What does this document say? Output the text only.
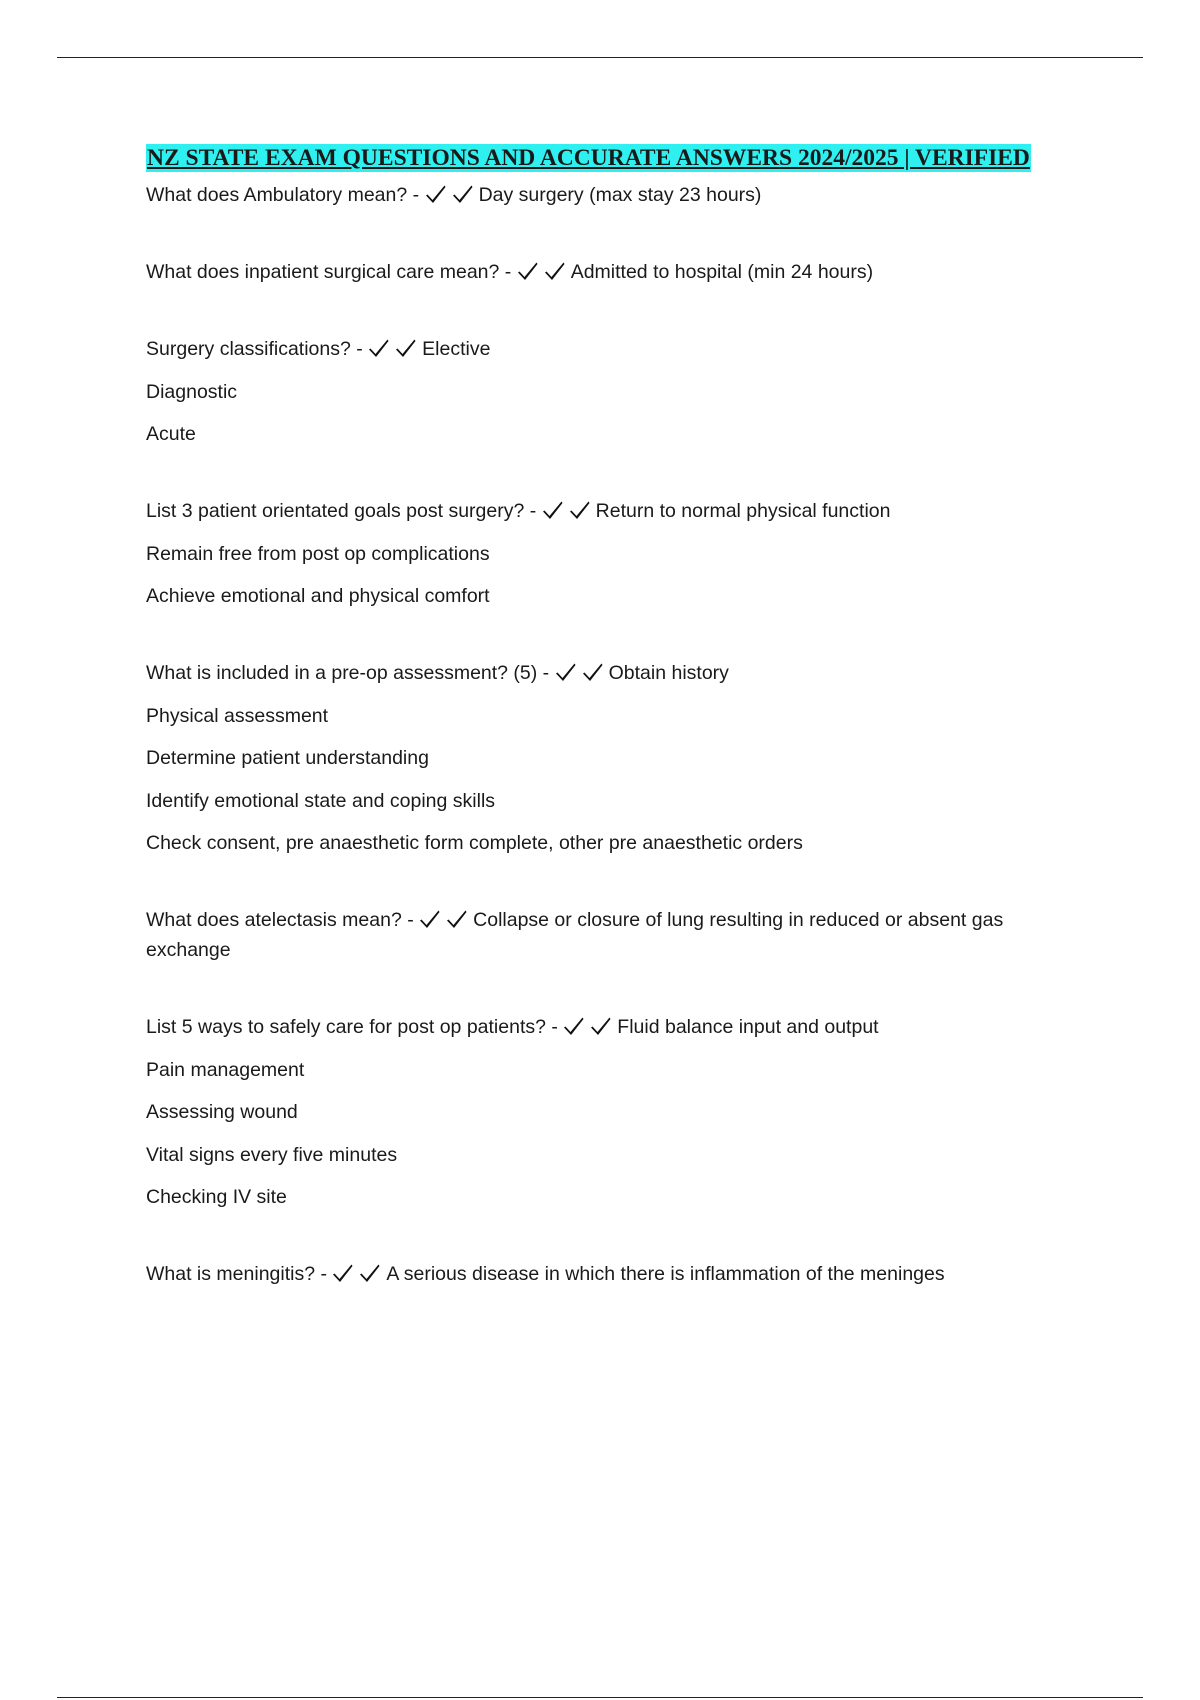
NZ STATE EXAM QUESTIONS AND ACCURATE ANSWERS 2024/2025 | VERIFIED

What does Ambulatory mean? -	Day surgery (max stay 23 hours)

What does inpatient surgical care mean? -	Admitted to hospital (min 24 hours)

Surgery classifications? -	Elective

Diagnostic

Acute

List 3 patient orientated goals post surgery? -	Return to normal physical function

Remain free from post op complications

Achieve emotional and physical comfort

What is included in a pre-op assessment? (5) -	Obtain history

Physical assessment

Determine patient understanding

Identify emotional state and coping skills

Check consent, pre anaesthetic form complete, other pre anaesthetic orders

What does atelectasis mean? -	Collapse or closure of lung resulting in reduced or absent gas exchange

List 5 ways to safely care for post op patients? -	Fluid balance input and output

Pain management

Assessing wound

Vital signs every five minutes

Checking IV site

What is meningitis? -	A serious disease in which there is inflammation of the meninges
